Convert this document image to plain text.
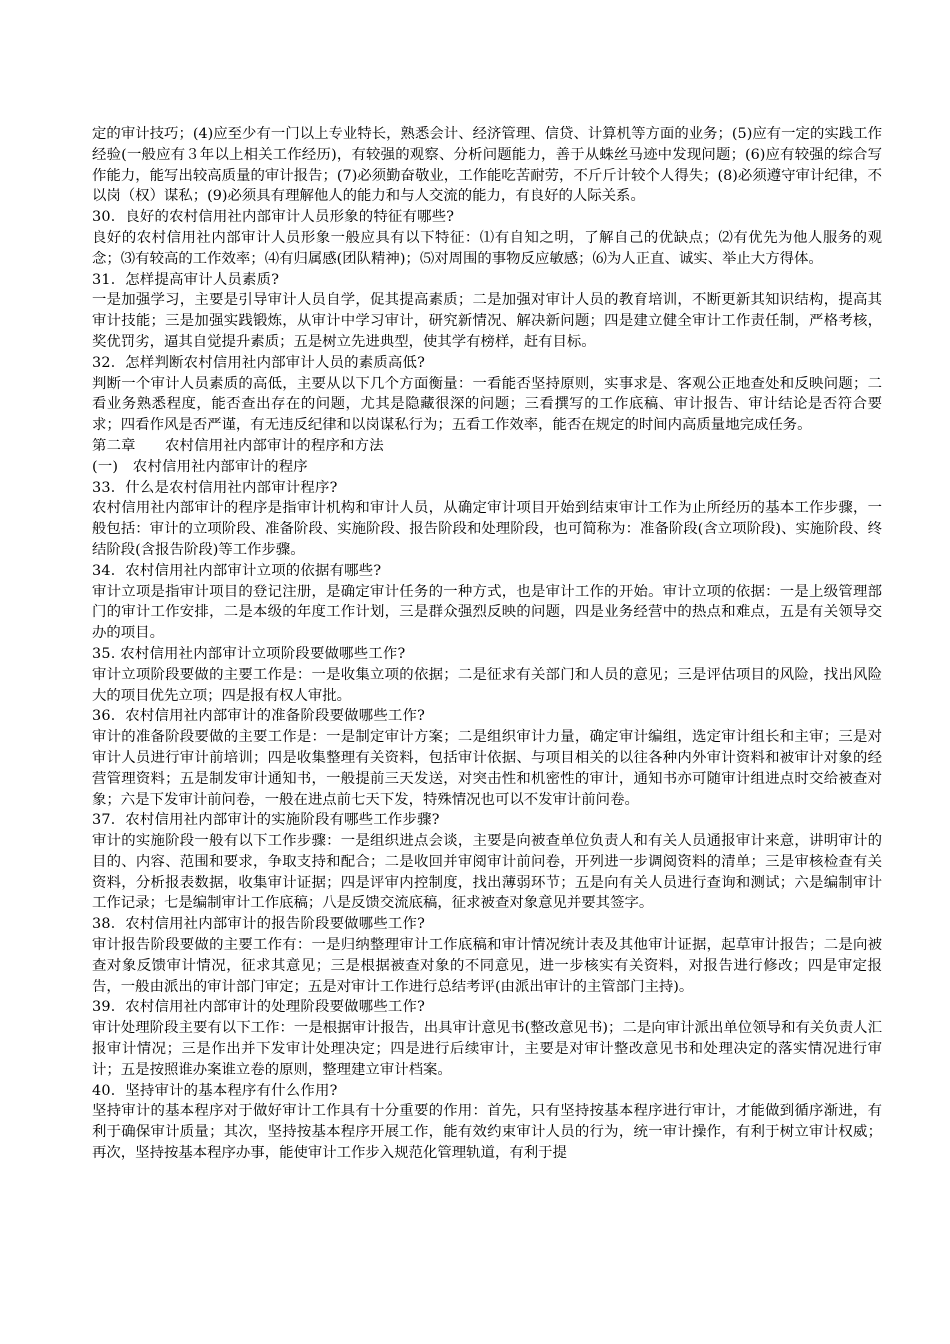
定的审计技巧；(4)应至少有一门以上专业特长，熟悉会计、经济管理、信贷、计算机等方面的业务；(5)应有一定的实践工作经验(一般应有３年以上相关工作经历)，有较强的观察、分析问题能力，善于从蛛丝马迹中发现问题；(6)应有较强的综合写作能力，能写出较高质量的审计报告；(7)必须勤奋敬业，工作能吃苦耐劳，不斤斤计较个人得失；(8)必须遵守审计纪律，不以岗（权）谋私；(9)必须具有理解他人的能力和与人交流的能力，有良好的人际关系。

30．良好的农村信用社内部审计人员形象的特征有哪些?

良好的农村信用社内部审计人员形象一般应具有以下特征：⑴有自知之明，了解自己的优缺点；⑵有优先为他人服务的观念；⑶有较高的工作效率；⑷有归属感(团队精神)；⑸对周围的事物反应敏感；⑹为人正直、诚实、举止大方得体。

31．怎样提高审计人员素质?

一是加强学习，主要是引导审计人员自学，促其提高素质；二是加强对审计人员的教育培训，不断更新其知识结构，提高其审计技能；三是加强实践锻炼，从审计中学习审计，研究新情况、解决新问题；四是建立健全审计工作责任制，严格考核，奖优罚劣，逼其自觉提升素质；五是树立先进典型，使其学有榜样，赶有目标。

32．怎样判断农村信用社内部审计人员的素质高低?

判断一个审计人员素质的高低，主要从以下几个方面衡量：一看能否坚持原则，实事求是、客观公正地查处和反映问题；二看业务熟悉程度，能否查出存在的问题，尤其是隐藏很深的问题；三看撰写的工作底稿、审计报告、审计结论是否符合要求；四看作风是否严谨，有无违反纪律和以岗谋私行为；五看工作效率，能否在规定的时间内高质量地完成任务。

第二章　　农村信用社内部审计的程序和方法

(一)　农村信用社内部审计的程序

33．什么是农村信用社内部审计程序?

农村信用社内部审计的程序是指审计机构和审计人员，从确定审计项目开始到结束审计工作为止所经历的基本工作步骤，一般包括：审计的立项阶段、准备阶段、实施阶段、报告阶段和处理阶段，也可简称为：准备阶段(含立项阶段)、实施阶段、终结阶段(含报告阶段)等工作步骤。

34．农村信用社内部审计立项的依据有哪些?

审计立项是指审计项目的登记注册，是确定审计任务的一种方式，也是审计工作的开始。审计立项的依据：一是上级管理部门的审计工作安排，二是本级的年度工作计划，三是群众强烈反映的问题，四是业务经营中的热点和难点，五是有关领导交办的项目。

35. 农村信用社内部审计立项阶段要做哪些工作?

审计立项阶段要做的主要工作是：一是收集立项的依据；二是征求有关部门和人员的意见；三是评估项目的风险，找出风险大的项目优先立项；四是报有权人审批。

36．农村信用社内部审计的准备阶段要做哪些工作?

审计的准备阶段要做的主要工作是：一是制定审计方案；二是组织审计力量，确定审计编组，选定审计组长和主审；三是对审计人员进行审计前培训；四是收集整理有关资料，包括审计依据、与项目相关的以往各种内外审计资料和被审计对象的经营管理资料；五是制发审计通知书，一般提前三天发送，对突击性和机密性的审计，通知书亦可随审计组进点时交给被查对象；六是下发审计前问卷，一般在进点前七天下发，特殊情况也可以不发审计前问卷。

37．农村信用社内部审计的实施阶段有哪些工作步骤?

审计的实施阶段一般有以下工作步骤：一是组织进点会谈，主要是向被查单位负责人和有关人员通报审计来意，讲明审计的目的、内容、范围和要求，争取支持和配合；二是收回并审阅审计前问卷，开列进一步调阅资料的清单；三是审核检查有关资料，分析报表数据，收集审计证据；四是评审内控制度，找出薄弱环节；五是向有关人员进行查询和测试；六是编制审计工作记录；七是编制审计工作底稿；八是反馈交流底稿，征求被查对象意见并要其签字。

38．农村信用社内部审计的报告阶段要做哪些工作?

审计报告阶段要做的主要工作有：一是归纳整理审计工作底稿和审计情况统计表及其他审计证据，起草审计报告；二是向被查对象反馈审计情况，征求其意见；三是根据被查对象的不同意见，进一步核实有关资料，对报告进行修改；四是审定报告，一般由派出的审计部门审定；五是对审计工作进行总结考评(由派出审计的主管部门主持)。

39．农村信用社内部审计的处理阶段要做哪些工作?

审计处理阶段主要有以下工作：一是根据审计报告，出具审计意见书(整改意见书)；二是向审计派出单位领导和有关负责人汇报审计情况；三是作出并下发审计处理决定；四是进行后续审计，主要是对审计整改意见书和处理决定的落实情况进行审计；五是按照谁办案谁立卷的原则，整理建立审计档案。

40．坚持审计的基本程序有什么作用?

坚持审计的基本程序对于做好审计工作具有十分重要的作用：首先，只有坚持按基本程序进行审计，才能做到循序渐进，有利于确保审计质量；其次，坚持按基本程序开展工作，能有效约束审计人员的行为，统一审计操作，有利于树立审计权威；再次，坚持按基本程序办事，能使审计工作步入规范化管理轨道，有利于提
